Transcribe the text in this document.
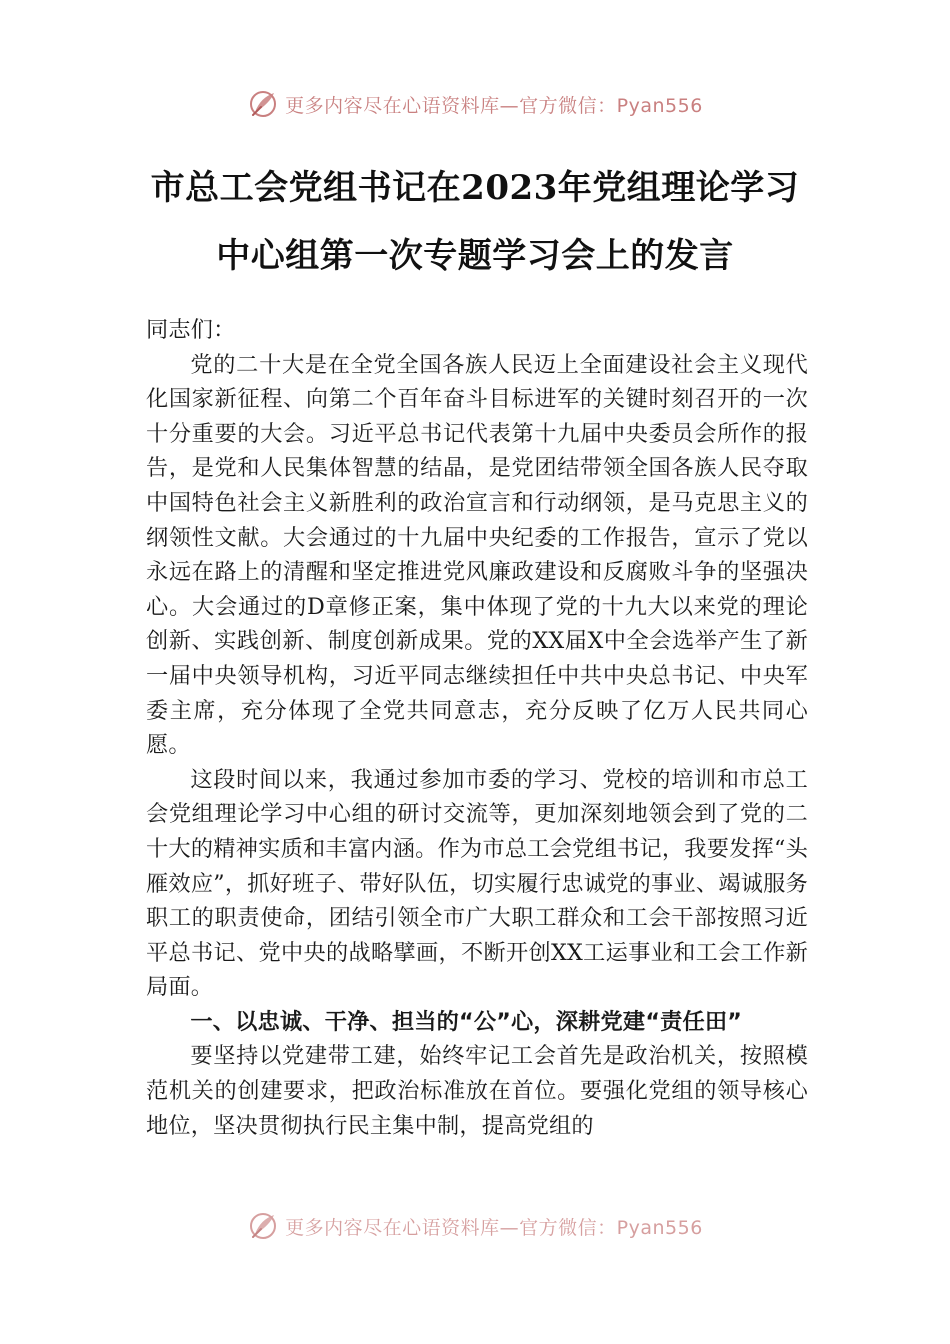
更多内容尽在心语资料库—官方微信：Pyan556
市总工会党组书记在2023年党组理论学习
中心组第一次专题学习会上的发言

同志们：

党的二十大是在全党全国各族人民迈上全面建设社会主义现代化国家新征程、向第二个百年奋斗目标进军的关键时刻召开的一次十分重要的大会。习近平总书记代表第十九届中央委员会所作的报告，是党和人民集体智慧的结晶，是党团结带领全国各族人民夺取中国特色社会主义新胜利的政治宣言和行动纲领，是马克思主义的纲领性文献。大会通过的十九届中央纪委的工作报告，宣示了党以永远在路上的清醒和坚定推进党风廉政建设和反腐败斗争的坚强决心。大会通过的D章修正案，集中体现了党的十九大以来党的理论创新、实践创新、制度创新成果。党的XX届X中全会选举产生了新一届中央领导机构，习近平同志继续担任中共中央总书记、中央军委主席，充分体现了全党共同意志，充分反映了亿万人民共同心愿。

这段时间以来，我通过参加市委的学习、党校的培训和市总工会党组理论学习中心组的研讨交流等，更加深刻地领会到了党的二十大的精神实质和丰富内涵。作为市总工会党组书记，我要发挥“头雁效应”，抓好班子、带好队伍，切实履行忠诚党的事业、竭诚服务职工的职责使命，团结引领全市广大职工群众和工会干部按照习近平总书记、党中央的战略擘画，不断开创XX工运事业和工会工作新局面。

一、以忠诚、干净、担当的“公”心，深耕党建“责任田”

要坚持以党建带工建，始终牢记工会首先是政治机关，按照模范机关的创建要求，把政治标准放在首位。要强化党组的领导核心地位，坚决贯彻执行民主集中制，提高党组的

更多内容尽在心语资料库—官方微信：Pyan556
